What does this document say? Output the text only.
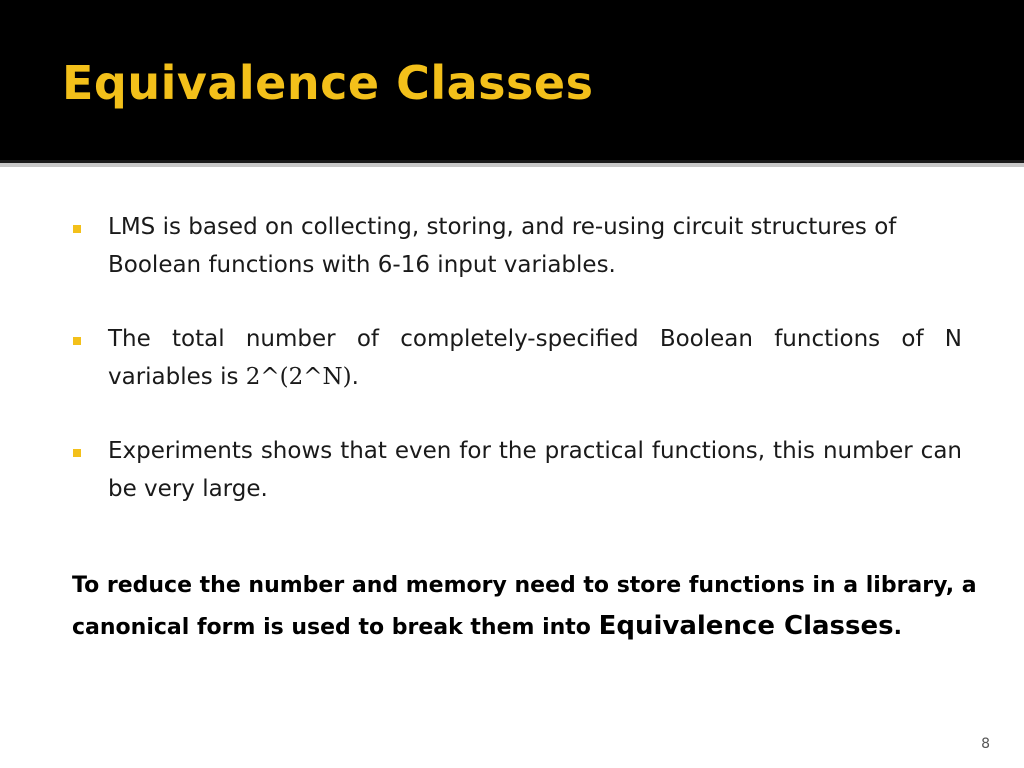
Equivalence Classes
LMS is based on collecting, storing, and re-using circuit structures of Boolean functions with 6-16 input variables.
The total number of completely-specified Boolean functions of N variables is 2^(2^N).
Experiments shows that even for the practical functions, this number can be very large.
To reduce the number and memory need to store functions in a library, a canonical form is used to break them into Equivalence Classes.
8
